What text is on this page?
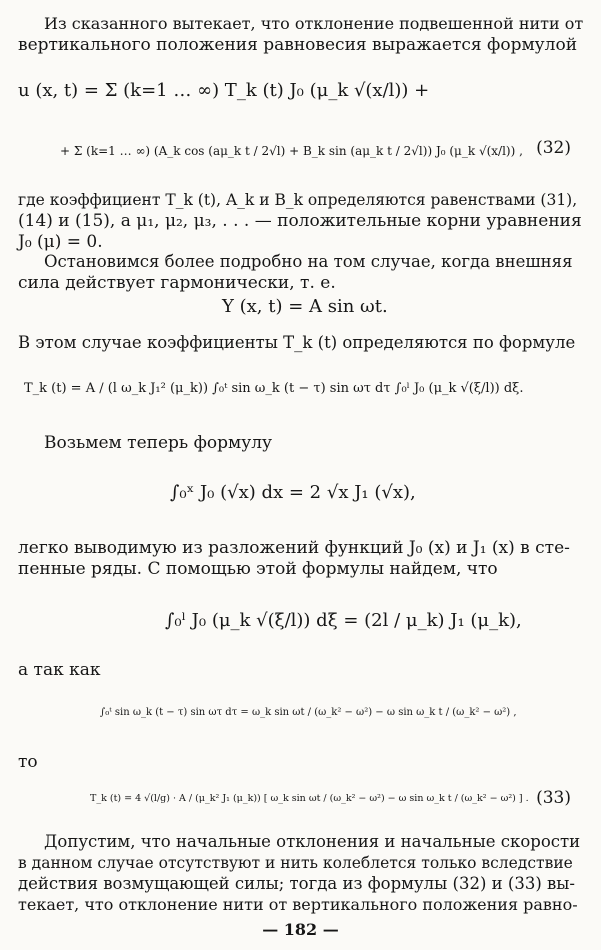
Из сказанного вытекает, что отклонение подвешенной нити от
вертикального положения равновесия выражается формулой
u (x, t) = Σ (k=1 … ∞) T_k (t) J₀ (μ_k √(x/l)) +
+ Σ (k=1 … ∞) (A_k cos (aμ_k t / 2√l) + B_k sin (aμ_k t / 2√l)) J₀ (μ_k √(x/l)) , (32)
где коэффициент T_k (t), A_k и B_k определяются равенствами (31),
(14) и (15), а μ₁, μ₂, μ₃, . . . — положительные корни уравнения
J₀ (μ) = 0.
Остановимся более подробно на том случае, когда внешняя
сила действует гармонически, т. е.
Y (x, t) = A sin ωt.
В этом случае коэффициенты T_k (t) определяются по формуле
T_k (t) = A / (l ω_k J₁² (μ_k)) ∫₀ᵗ sin ω_k (t − τ) sin ωτ dτ ∫₀ˡ J₀ (μ_k √(ξ/l)) dξ.
Возьмем теперь формулу
∫₀ˣ J₀ (√x) dx = 2 √x J₁ (√x),
легко выводимую из разложений функций J₀ (x) и J₁ (x) в сте-
пенные ряды. С помощью этой формулы найдем, что
∫₀ˡ J₀ (μ_k √(ξ/l)) dξ = (2l / μ_k) J₁ (μ_k),
а так как
∫₀ᵗ sin ω_k (t − τ) sin ωτ dτ = ω_k sin ωt / (ω_k² − ω²) − ω sin ω_k t / (ω_k² − ω²) ,
то
T_k (t) = 4 √(l/g) · A / (μ_k² J₁ (μ_k)) [ ω_k sin ωt / (ω_k² − ω²) − ω sin ω_k t / (ω_k² − ω²) ] . (33)
Допустим, что начальные отклонения и начальные скорости
в данном случае отсутствуют и нить колеблется только вследствие
действия возмущающей силы; тогда из формулы (32) и (33) вы-
текает, что отклонение нити от вертикального положения равно-
— 182 —
